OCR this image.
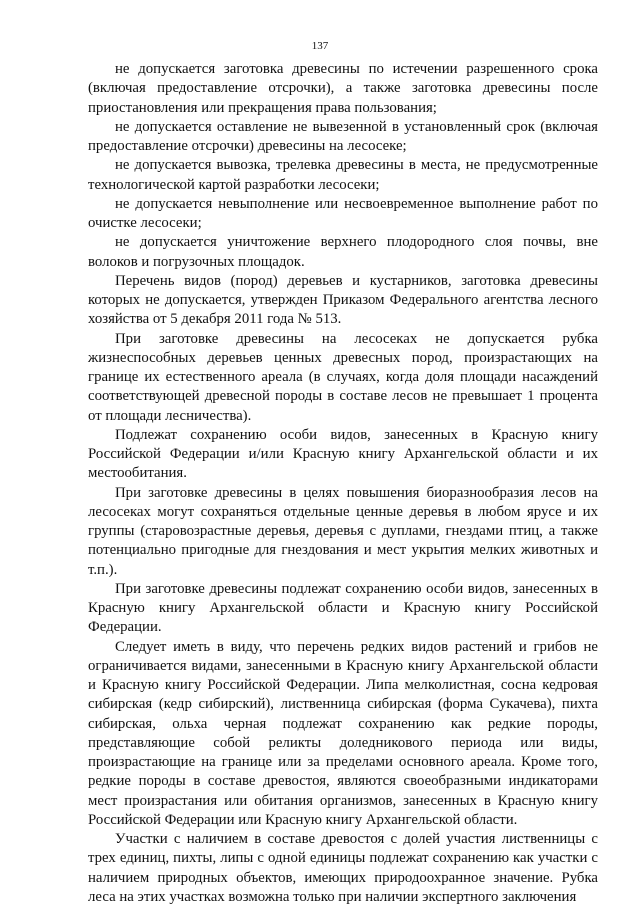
137

не допускается заготовка древесины по истечении разрешенного срока (включая предоставление отсрочки), а также заготовка древесины после приостановления или прекращения права пользования;

не допускается оставление не вывезенной в установленный срок (включая предоставление отсрочки) древесины на лесосеке;

не допускается вывозка, трелевка древесины в места, не предусмотренные технологической картой разработки лесосеки;

не допускается невыполнение или несвоевременное выполнение работ по очистке лесосеки;

не допускается уничтожение верхнего плодородного слоя почвы, вне волоков и погрузочных площадок.

Перечень видов (пород) деревьев и кустарников, заготовка древесины которых не допускается, утвержден Приказом Федерального агентства лесного хозяйства от 5 декабря 2011 года № 513.

При заготовке древесины на лесосеках не допускается рубка жизнеспособных деревьев ценных древесных пород, произрастающих на границе их естественного ареала (в случаях, когда доля площади насаждений соответствующей древесной породы в составе лесов не превышает 1 процента от площади лесничества).

Подлежат сохранению особи видов, занесенных в Красную книгу Российской Федерации и/или Красную книгу Архангельской области и их местообитания.

При заготовке древесины в целях повышения биоразнообразия лесов на лесосеках могут сохраняться отдельные ценные деревья в любом ярусе и их группы (старовозрастные деревья, деревья с дуплами, гнездами птиц, а также потенциально пригодные для гнездования и мест укрытия мелких животных и т.п.).

При заготовке древесины подлежат сохранению особи видов, занесенных в Красную книгу Архангельской области и Красную книгу Российской Федерации.

Следует иметь в виду, что перечень редких видов растений и грибов не ограничивается видами, занесенными в Красную книгу Архангельской области и Красную книгу Российской Федерации. Липа мелколистная, сосна кедровая сибирская (кедр сибирский), лиственница сибирская (форма Сукачева), пихта сибирская, ольха черная подлежат сохранению как редкие породы, представляющие собой реликты доледникового периода или виды, произрастающие на границе или за пределами основного ареала. Кроме того, редкие породы в составе древостоя, являются своеобразными индикаторами мест произрастания или обитания организмов, занесенных в Красную книгу Российской Федерации или Красную книгу Архангельской области.

Участки с наличием в составе древостоя с долей участия лиственницы с трех единиц, пихты, липы с одной единицы подлежат сохранению как участки с наличием природных объектов, имеющих природоохранное значение. Рубка леса на этих участках возможна только при наличии экспертного заключения
